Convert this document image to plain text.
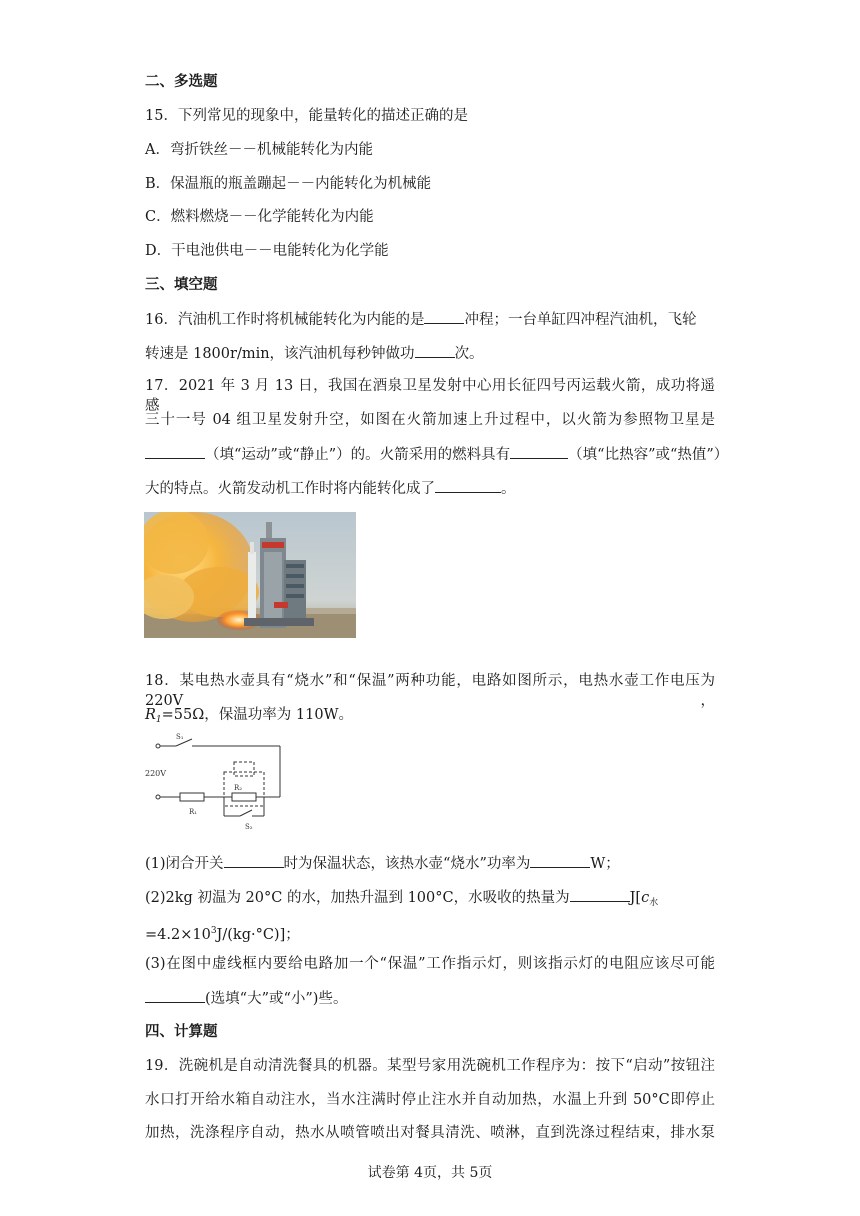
二、多选题
15．下列常见的现象中，能量转化的描述正确的是
A．弯折铁丝－－机械能转化为内能
B．保温瓶的瓶盖蹦起－－内能转化为机械能
C．燃料燃烧－－化学能转化为内能
D．干电池供电－－电能转化为化学能
三、填空题
16．汽油机工作时将机械能转化为内能的是	冲程；一台单缸四冲程汽油机，飞轮
转速是 1800r/min，该汽油机每秒钟做功	次。
17．2021 年 3 月 13 日，我国在酒泉卫星发射中心用长征四号丙运载火箭，成功将遥感
三十一号 04 组卫星发射升空，如图在火箭加速上升过程中，以火箭为参照物卫星是
（填“运动”或“静止”）的。火箭采用的燃料具有	（填“比热容”或“热值”）
大的特点。火箭发动机工作时将内能转化成了	。
18．某电热水壶具有“烧水”和“保温”两种功能，电路如图所示，电热水壶工作电压为 220V，
$R_1=55\Omega$，保温功率为 110W。
S₁
220V
R₁
R₂
S₂
(1)闭合开关	时为保温状态，该热水壶“烧水”功率为	W；
(2)2kg 初温为 20°C 的水，加热升温到 100°C，水吸收的热量为	$J[c_水$
$=4.2\times 10^3J/(kg\cdot^\circ C)$]；
(3)在图中虚线框内要给电路加一个“保温”工作指示灯，则该指示灯的电阻应该尽可能
(选填“大”或“小”)些。
四、计算题
19．洗碗机是自动清洗餐具的机器。某型号家用洗碗机工作程序为：按下“启动”按钮注
水口打开给水箱自动注水，当水注满时停止注水并自动加热，水温上升到 50°C即停止
加热，洗涤程序自动，热水从喷管喷出对餐具清洗、喷淋，直到洗涤过程结束，排水泵
试卷第 4页，共 5页
